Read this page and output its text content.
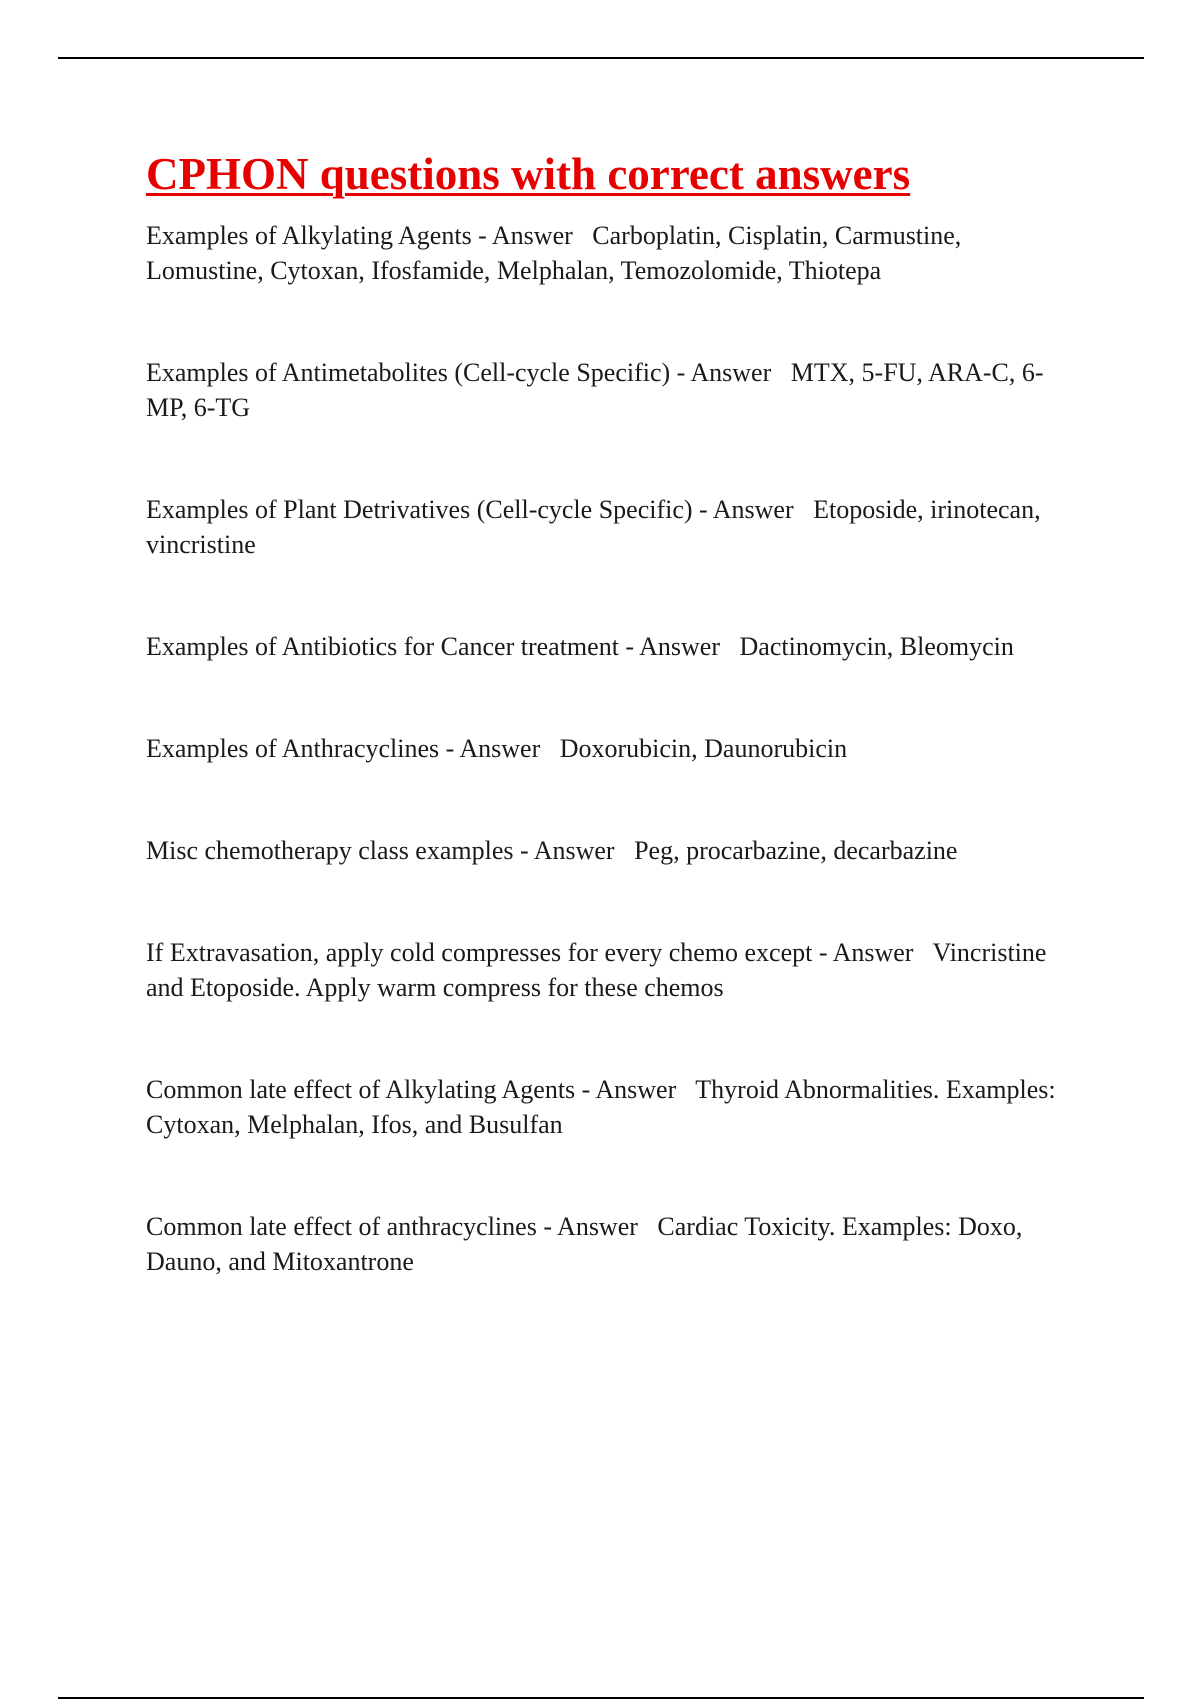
CPHON questions with correct answers
Examples of Alkylating Agents - Answer Carboplatin, Cisplatin, Carmustine, Lomustine, Cytoxan, Ifosfamide, Melphalan, Temozolomide, Thiotepa
Examples of Antimetabolites (Cell-cycle Specific) - Answer MTX, 5-FU, ARA-C, 6-MP, 6-TG
Examples of Plant Detrivatives (Cell-cycle Specific) - Answer Etoposide, irinotecan, vincristine
Examples of Antibiotics for Cancer treatment - Answer Dactinomycin, Bleomycin
Examples of Anthracyclines - Answer Doxorubicin, Daunorubicin
Misc chemotherapy class examples - Answer Peg, procarbazine, decarbazine
If Extravasation, apply cold compresses for every chemo except - Answer Vincristine and Etoposide. Apply warm compress for these chemos
Common late effect of Alkylating Agents - Answer Thyroid Abnormalities. Examples: Cytoxan, Melphalan, Ifos, and Busulfan
Common late effect of anthracyclines - Answer Cardiac Toxicity. Examples: Doxo, Dauno, and Mitoxantrone
